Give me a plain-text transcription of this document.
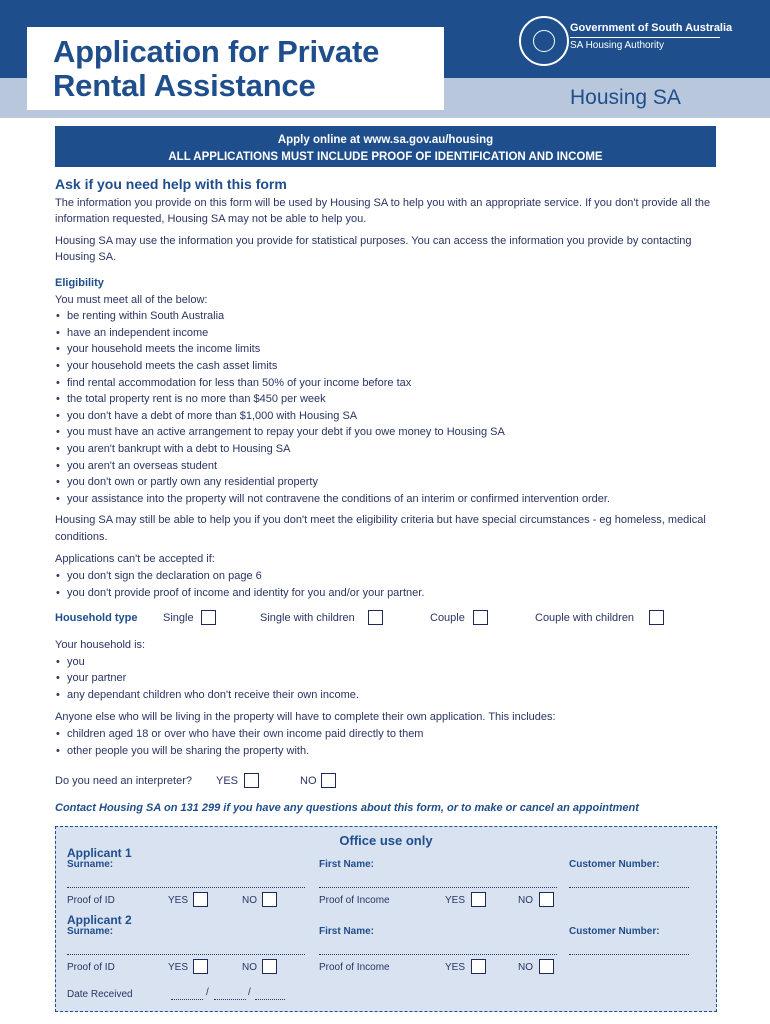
Application for Private
Rental Assistance
Government of South Australia
SA Housing Authority
Housing SA
Apply online at www.sa.gov.au/housing
ALL APPLICATIONS MUST INCLUDE PROOF OF IDENTIFICATION AND INCOME
Ask if you need help with this form

The information you provide on this form will be used by Housing SA to help you with an appropriate service. If you don't provide all the information requested, Housing SA may not be able to help you.

Housing SA may use the information you provide for statistical purposes. You can access the information you provide by contacting Housing SA.

Eligibility
You must meet all of the below:
• be renting within South Australia
• have an independent income
• your household meets the income limits
• your household meets the cash asset limits
• find rental accommodation for less than 50% of your income before tax
• the total property rent is no more than $450 per week
• you don't have a debt of more than $1,000 with Housing SA
• you must have an active arrangement to repay your debt if you owe money to Housing SA
• you aren't bankrupt with a debt to Housing SA
• you aren't an overseas student
• you don't own or partly own any residential property
• your assistance into the property will not contravene the conditions of an interim or confirmed intervention order.

Housing SA may still be able to help you if you don't meet the eligibility criteria but have special circumstances - eg homeless, medical conditions.

Applications can't be accepted if:
• you don't sign the declaration on page 6
• you don't provide proof of income and identity for you and/or your partner.
Household type Single	Single with children	Couple	Couple with children
Your household is:
• you
• your partner
• any dependant children who don't receive their own income.
Anyone else who will be living in the property will have to complete their own application. This includes:
• children aged 18 or over who have their own income paid directly to them
• other people you will be sharing the property with.
Do you need an interpreter? YES	NO
Contact Housing SA on 131 299 if you have any questions about this form, or to make or cancel an appointment
Office use only
Applicant 1
Surname:	First Name:	Customer Number:
Proof of ID	YES	NO	Proof of Income	YES	NO
Applicant 2
Surname:	First Name:	Customer Number:
Proof of ID	YES	NO	Proof of Income	YES	NO
Date Received	/	/
